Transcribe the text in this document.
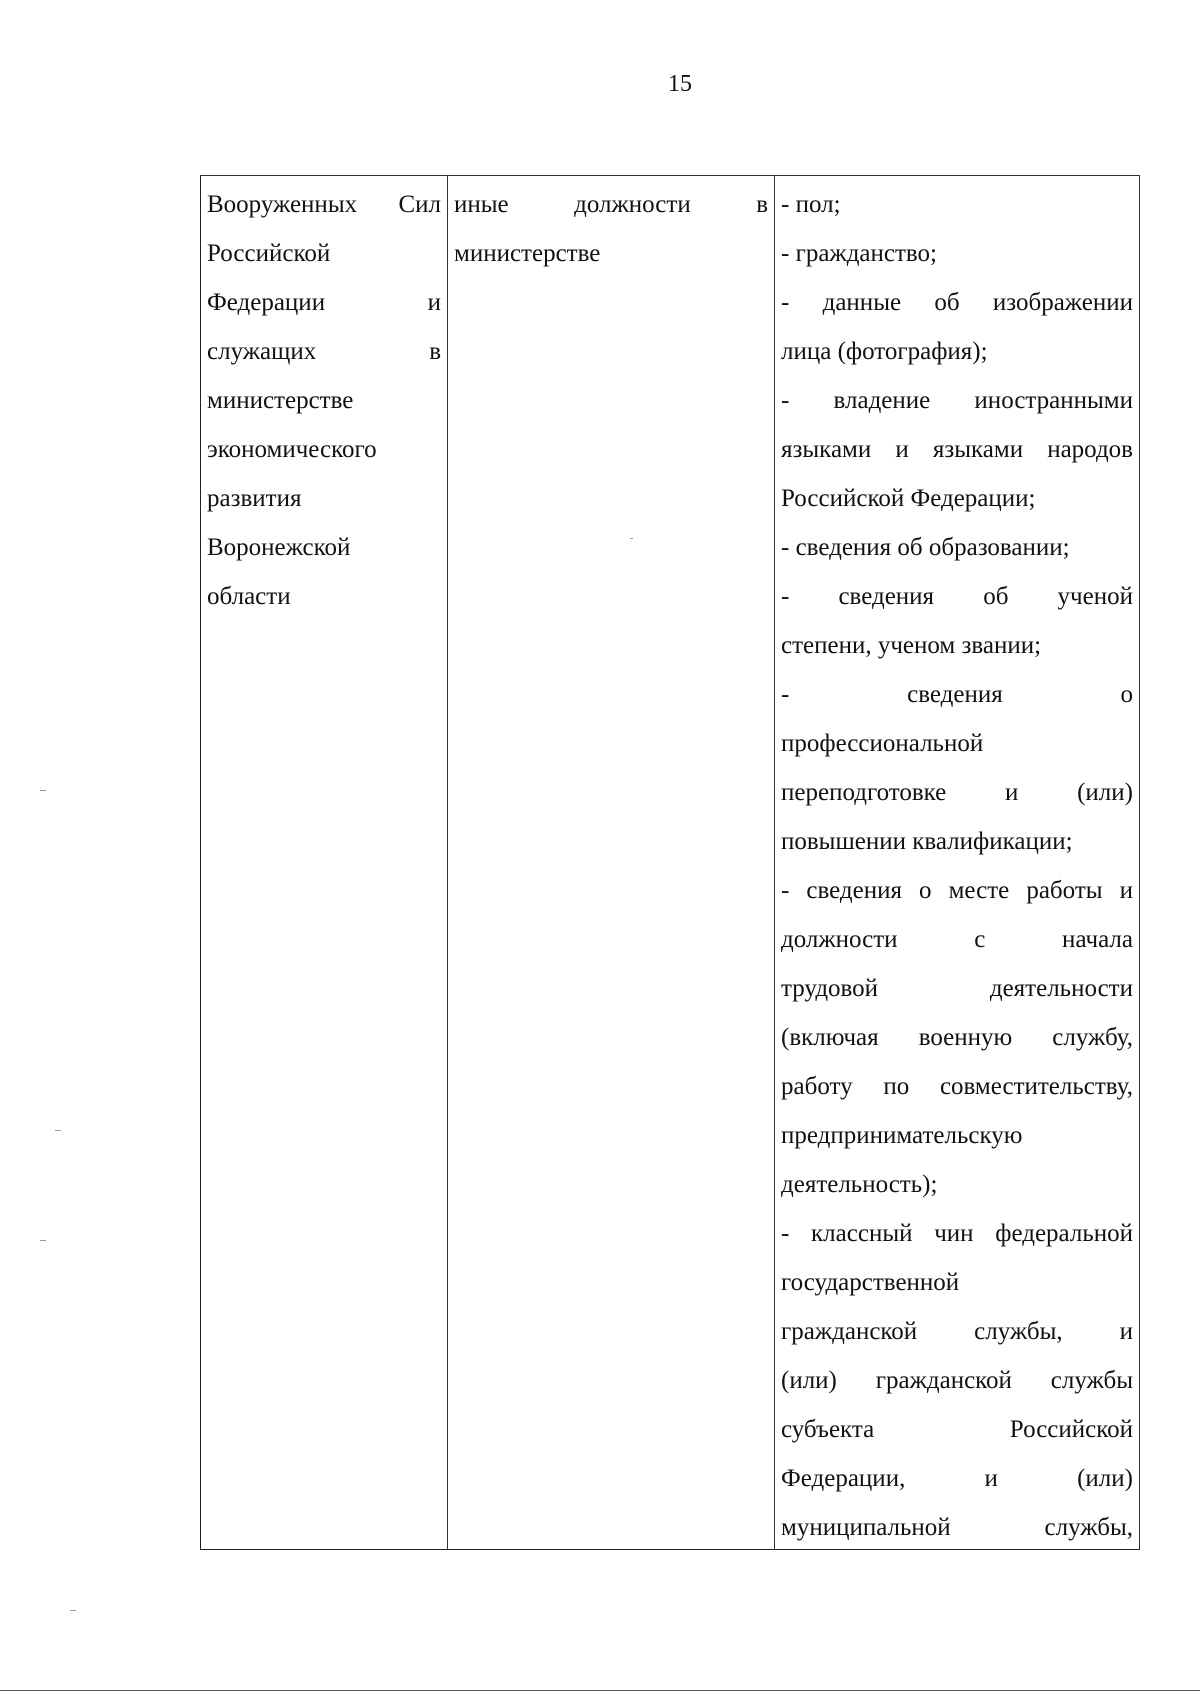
15
Вооруженных Сил
Российской
Федерации и
служащих в
министерстве
экономического
развития
Воронежской
области
иные должности в
министерстве
- пол;
- гражданство;
- данные об изображении
лица (фотография);
- владение иностранными
языками и языками народов
Российской Федерации;
- сведения об образовании;
- сведения об ученой
степени, ученом звании;
- сведения о
профессиональной
переподготовке и (или)
повышении квалификации;
- сведения о месте работы и
должности с начала
трудовой деятельности
(включая военную службу,
работу по совместительству,
предпринимательскую
деятельность);
- классный чин федеральной
государственной
гражданской службы, и
(или) гражданской службы
субъекта Российской
Федерации, и (или)
муниципальной службы,
